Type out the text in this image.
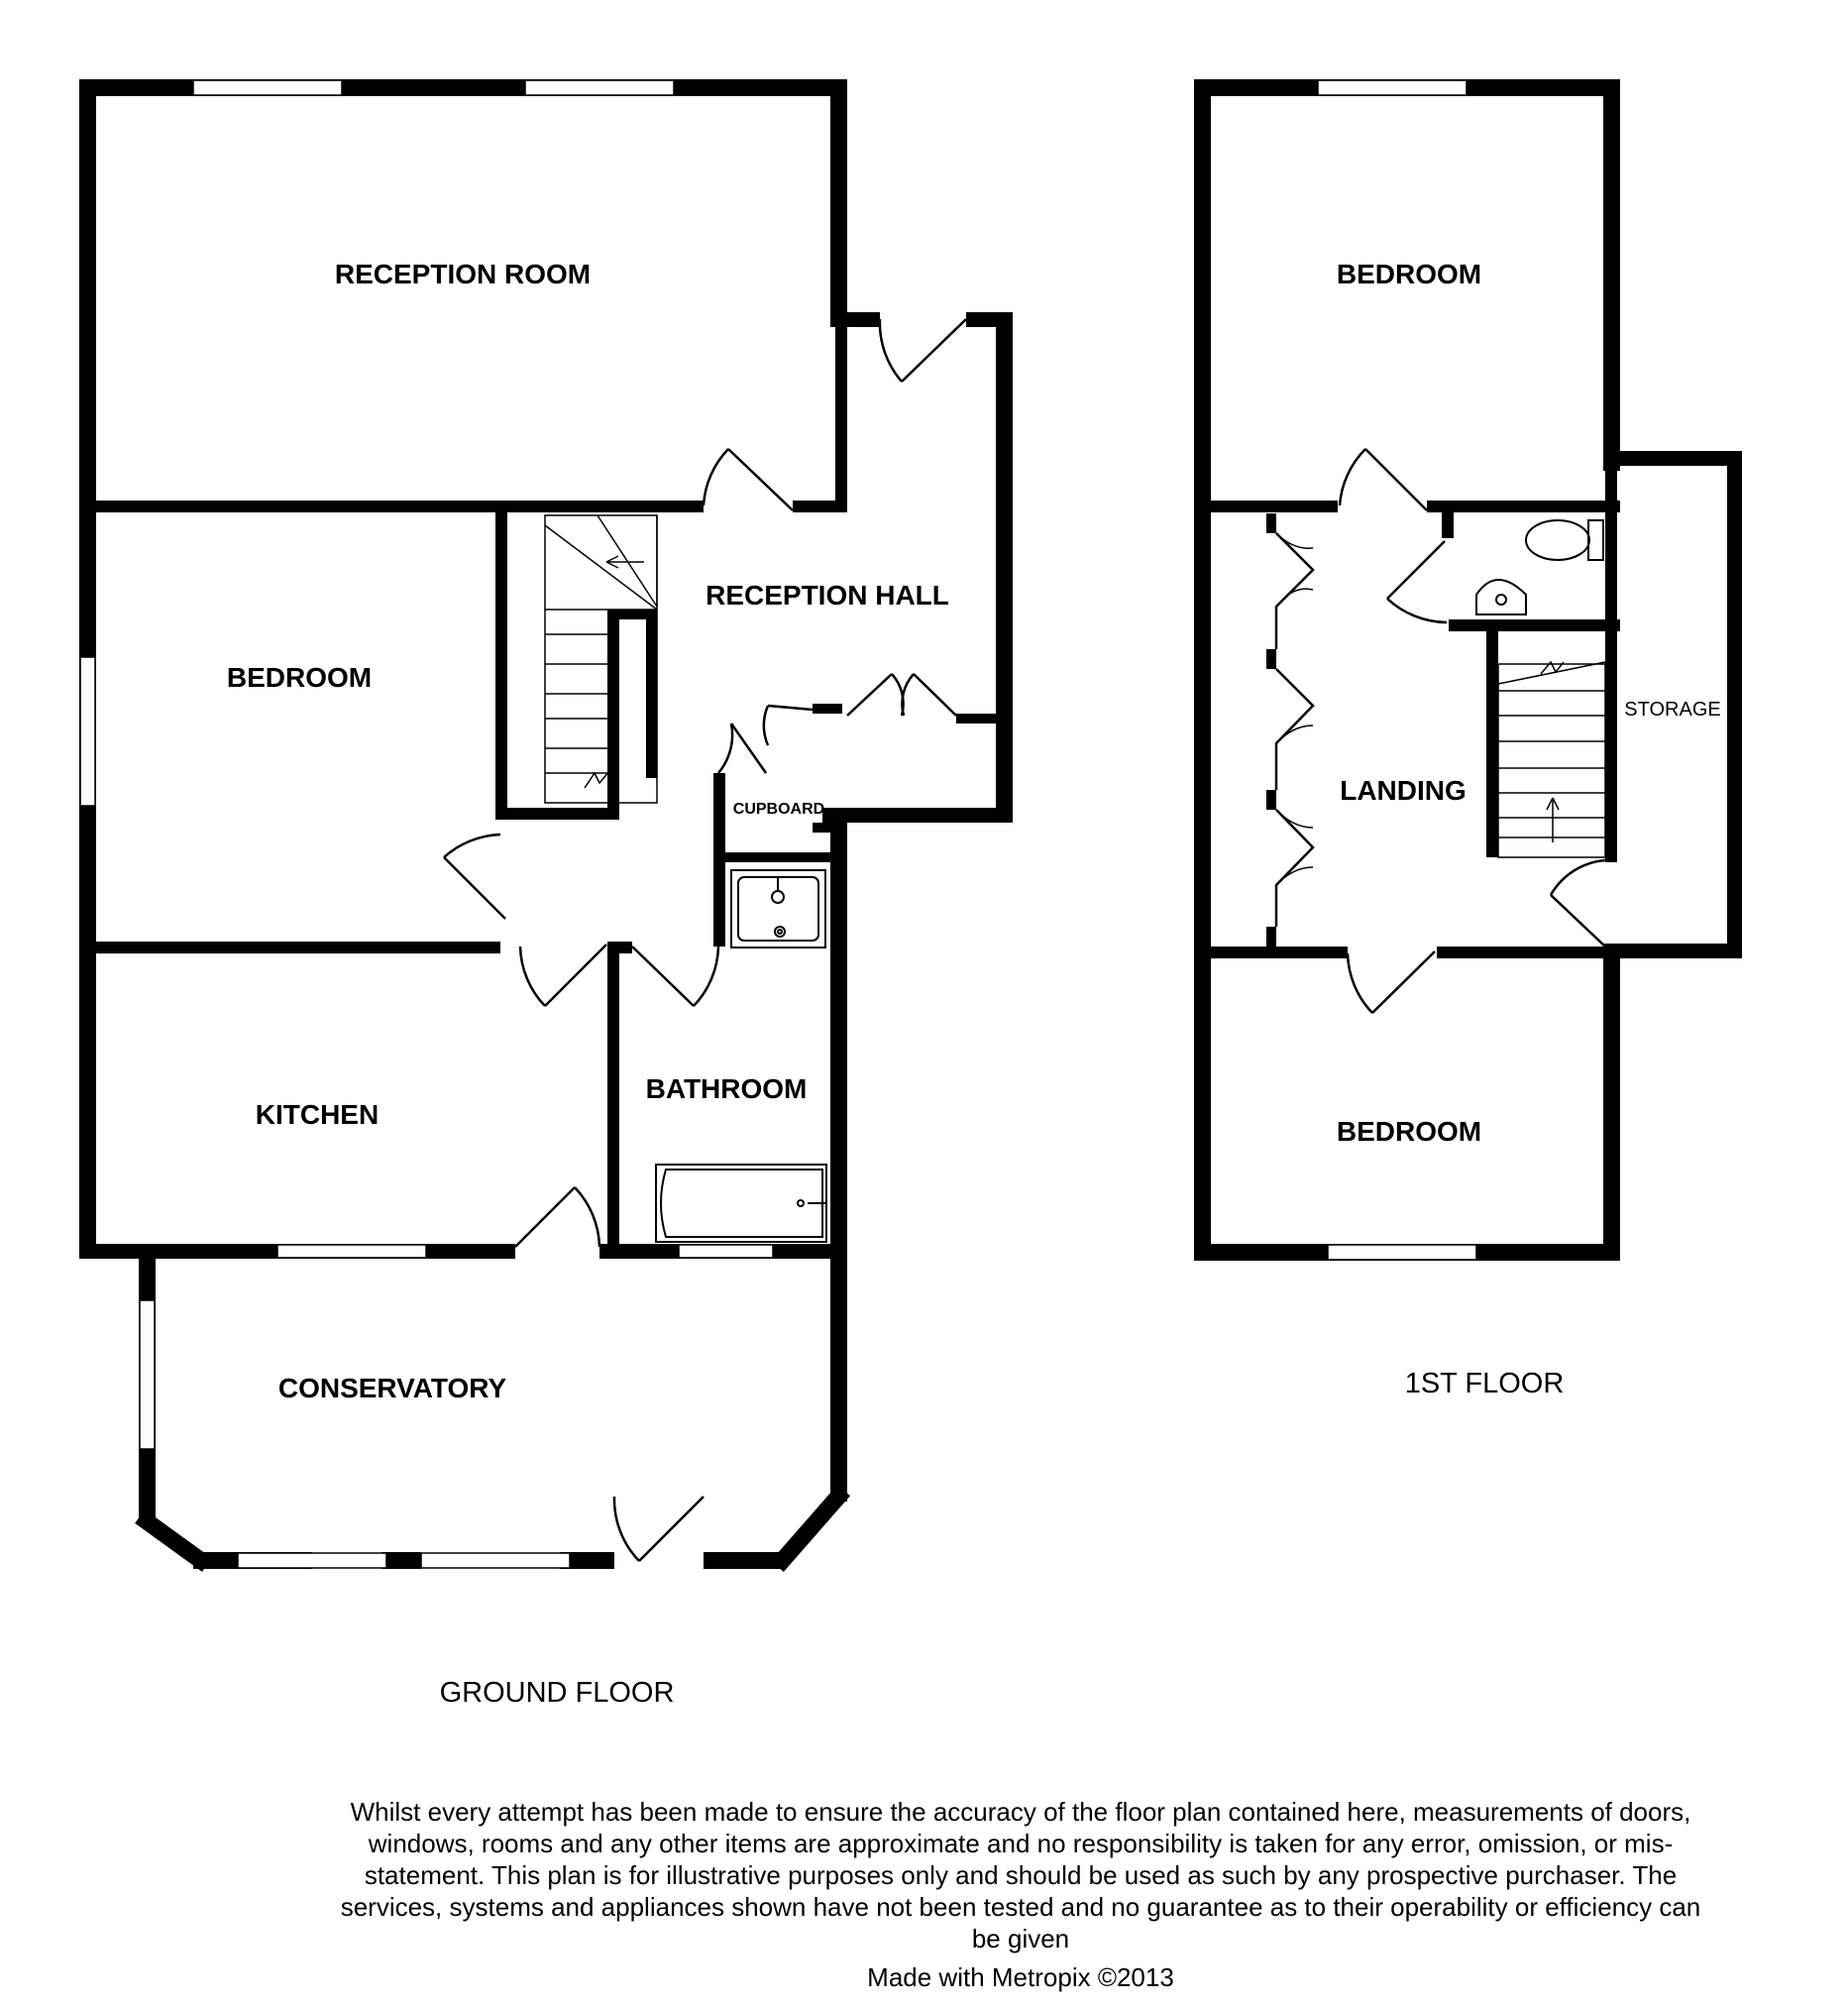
RECEPTION ROOM
RECEPTION HALL
BEDROOM
KITCHEN
BATHROOM
CUPBOARD
CONSERVATORY
BEDROOM
LANDING
STORAGE
BEDROOM
GROUND FLOOR
1ST FLOOR

Whilst every attempt has been made to ensure the accuracy of the floor plan contained here, measurements of doors, windows, rooms and any other items are approximate and no responsibility is taken for any error, omission, or mis-statement. This plan is for illustrative purposes only and should be used as such by any prospective purchaser. The services, systems and appliances shown have not been tested and no guarantee as to their operability or efficiency can be given

Made with Metropix ©2013
